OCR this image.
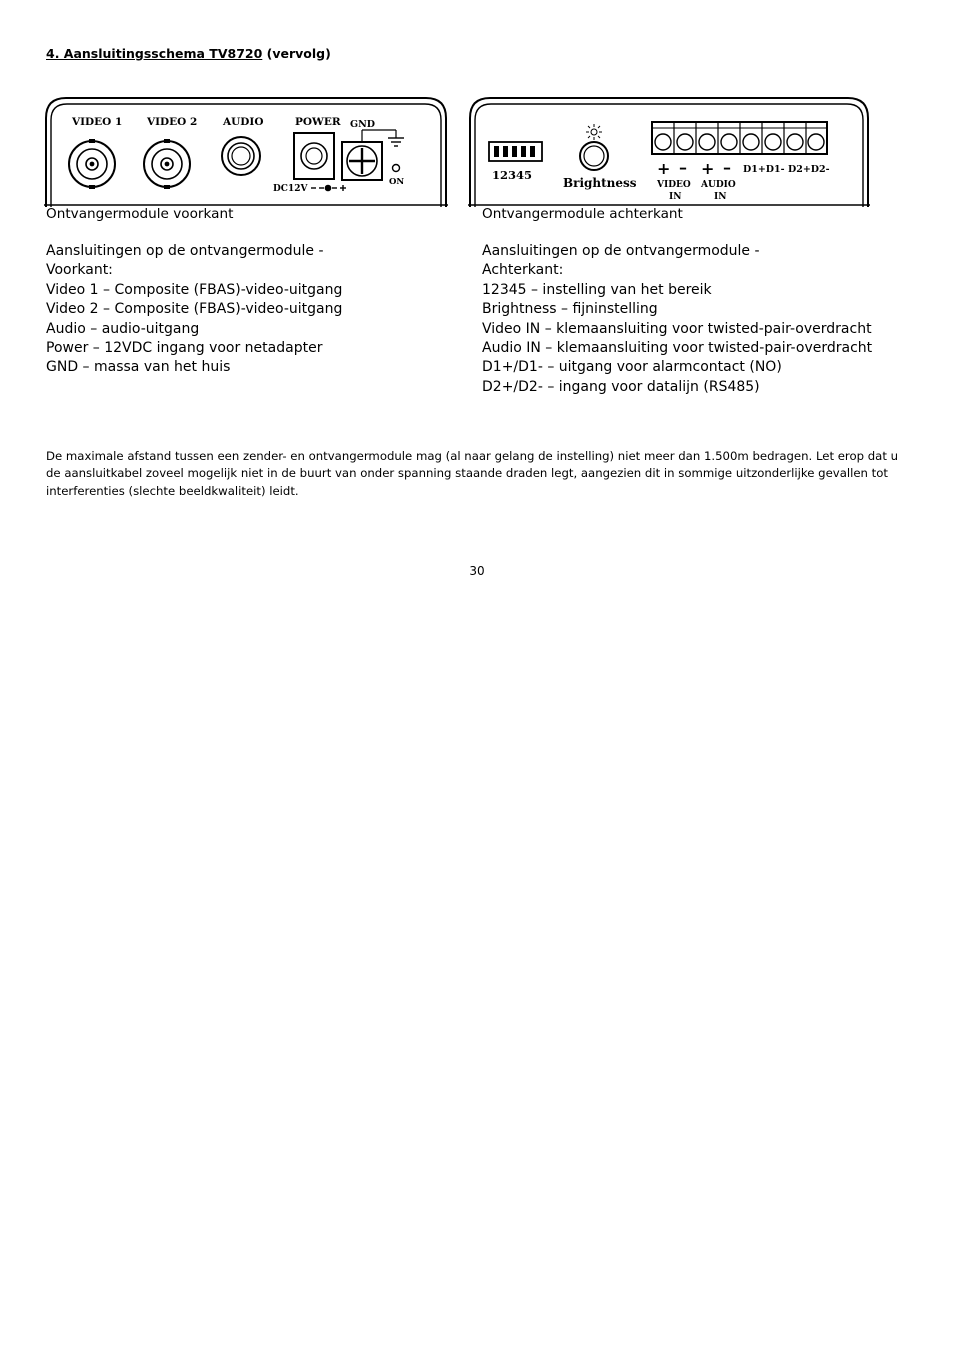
4. Aansluitingsschema TV8720 (vervolg)
VIDEO 1 VIDEO 2 AUDIO	POWER GND
ON
DC12V
12345
Brightness
+ – + – D1+D1- D2+D2-
VIDEO
IN
AUDIO
IN
Ontvangermodule voorkant	Ontvangermodule achterkant
Aansluitingen op de ontvangermodule -
Voorkant:
Video 1 – Composite (FBAS)-video-uitgang
Video 2 – Composite (FBAS)-video-uitgang
Audio – audio-uitgang
Power – 12VDC ingang voor netadapter
GND – massa van het huis
Aansluitingen op de ontvangermodule -
Achterkant:
12345 – instelling van het bereik
Brightness – fijninstelling
Video IN – klemaansluiting voor twisted-pair-overdracht
Audio IN – klemaansluiting voor twisted-pair-overdracht
D1+/D1- – uitgang voor alarmcontact (NO)
D2+/D2- – ingang voor datalijn (RS485)
De maximale afstand tussen een zender- en ontvangermodule mag (al naar gelang de instelling) niet meer dan 1.500m bedragen. Let erop dat u de aansluitkabel zoveel mogelijk niet in de buurt van onder spanning staande draden legt, aangezien dit in sommige uitzonderlijke gevallen tot interferenties (slechte beeldkwaliteit) leidt.
30
